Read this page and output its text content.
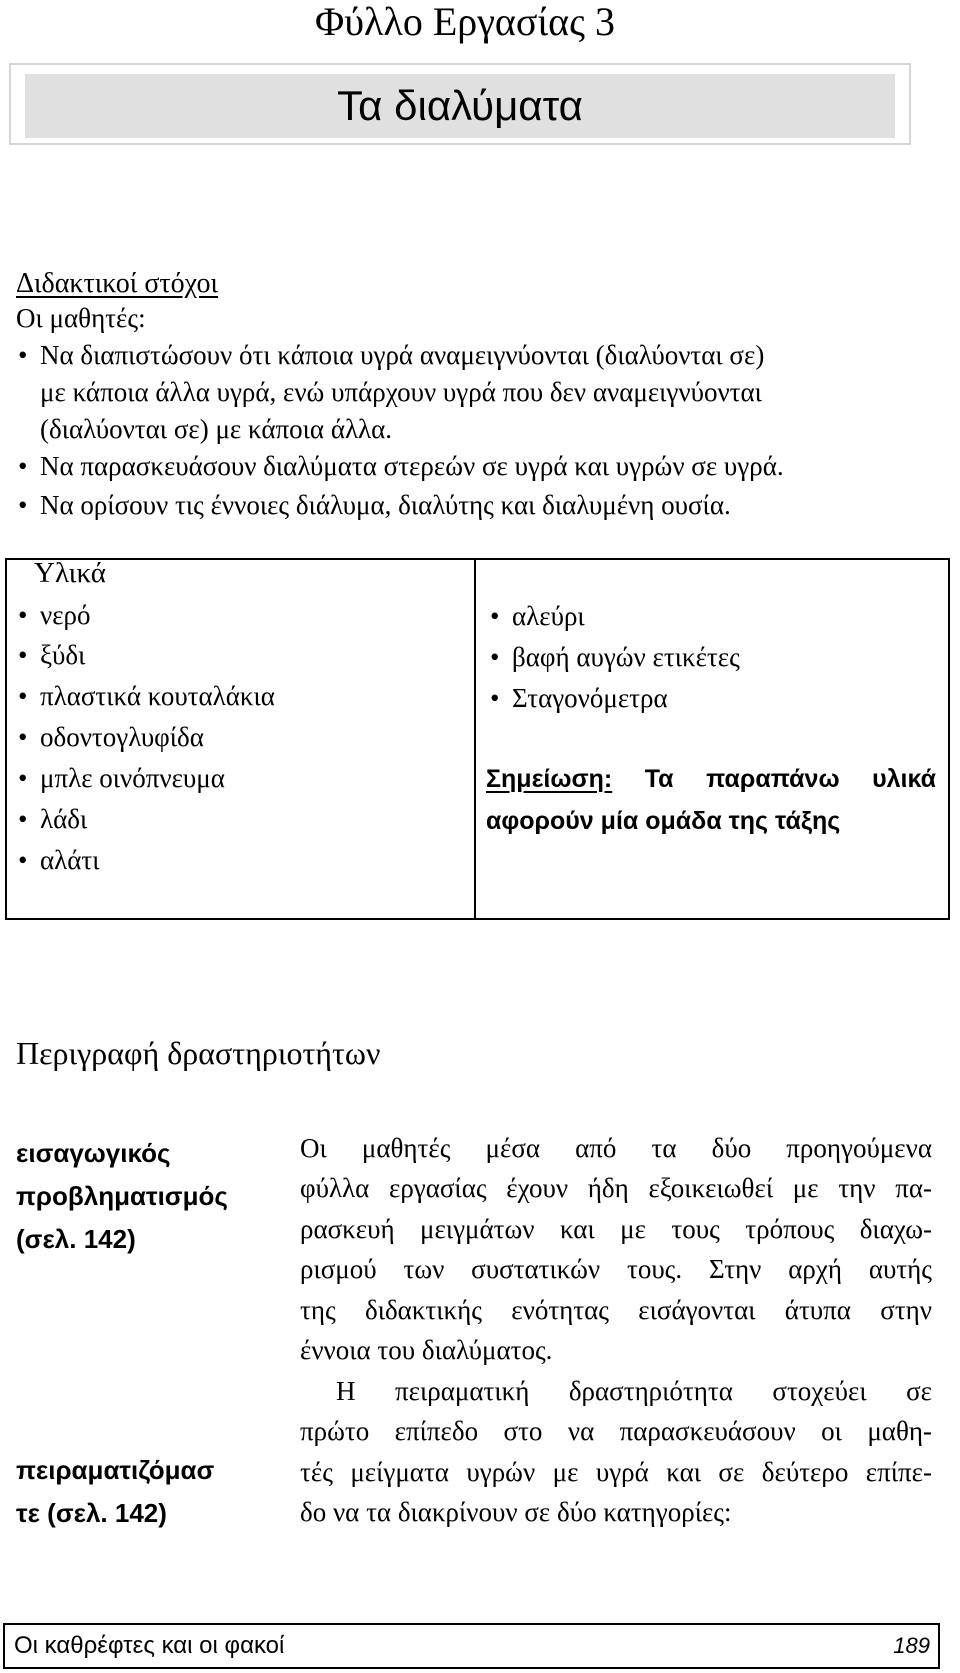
Φύλλο Εργασίας 3
Τα διαλύματα
Διδακτικοί στόχοι
Οι μαθητές:
• Να διαπιστώσουν ότι κάποια υγρά αναμειγνύονται (διαλύονται σε)
με κάποια άλλα υγρά, ενώ υπάρχουν υγρά που δεν αναμειγνύονται
(διαλύονται σε) με κάποια άλλα.
• Να παρασκευάσουν διαλύματα στερεών σε υγρά και υγρών σε υγρά.
• Να ορίσουν τις έννοιες διάλυμα, διαλύτης και διαλυμένη ουσία.
Υλικά
• νερό
• ξύδι
• πλαστικά κουταλάκια
• οδοντογλυφίδα
• μπλε οινόπνευμα
• λάδι
• αλάτι
• αλεύρι
• βαφή αυγών ετικέτες
• Σταγονόμετρα
Σημείωση: Τα παραπάνω υλικά αφορούν μία ομάδα της τάξης
Περιγραφή δραστηριοτήτων
εισαγωγικός
προβληματισμός
(σελ. 142)
πειραματιζόμασ
τε (σελ. 142)
Οι μαθητές μέσα από τα δύο προηγούμενα
φύλλα εργασίας έχουν ήδη εξοικειωθεί με την πα-
ρασκευή μειγμάτων και με τους τρόπους διαχω-
ρισμού των συστατικών τους. Στην αρχή αυτής
της διδακτικής ενότητας εισάγονται άτυπα στην
έννοια του διαλύματος.
Η πειραματική δραστηριότητα στοχεύει σε
πρώτο επίπεδο στο να παρασκευάσουν οι μαθη-
τές μείγματα υγρών με υγρά και σε δεύτερο επίπε-
δο να τα διακρίνουν σε δύο κατηγορίες:
Οι καθρέφτες και οι φακοί	189
